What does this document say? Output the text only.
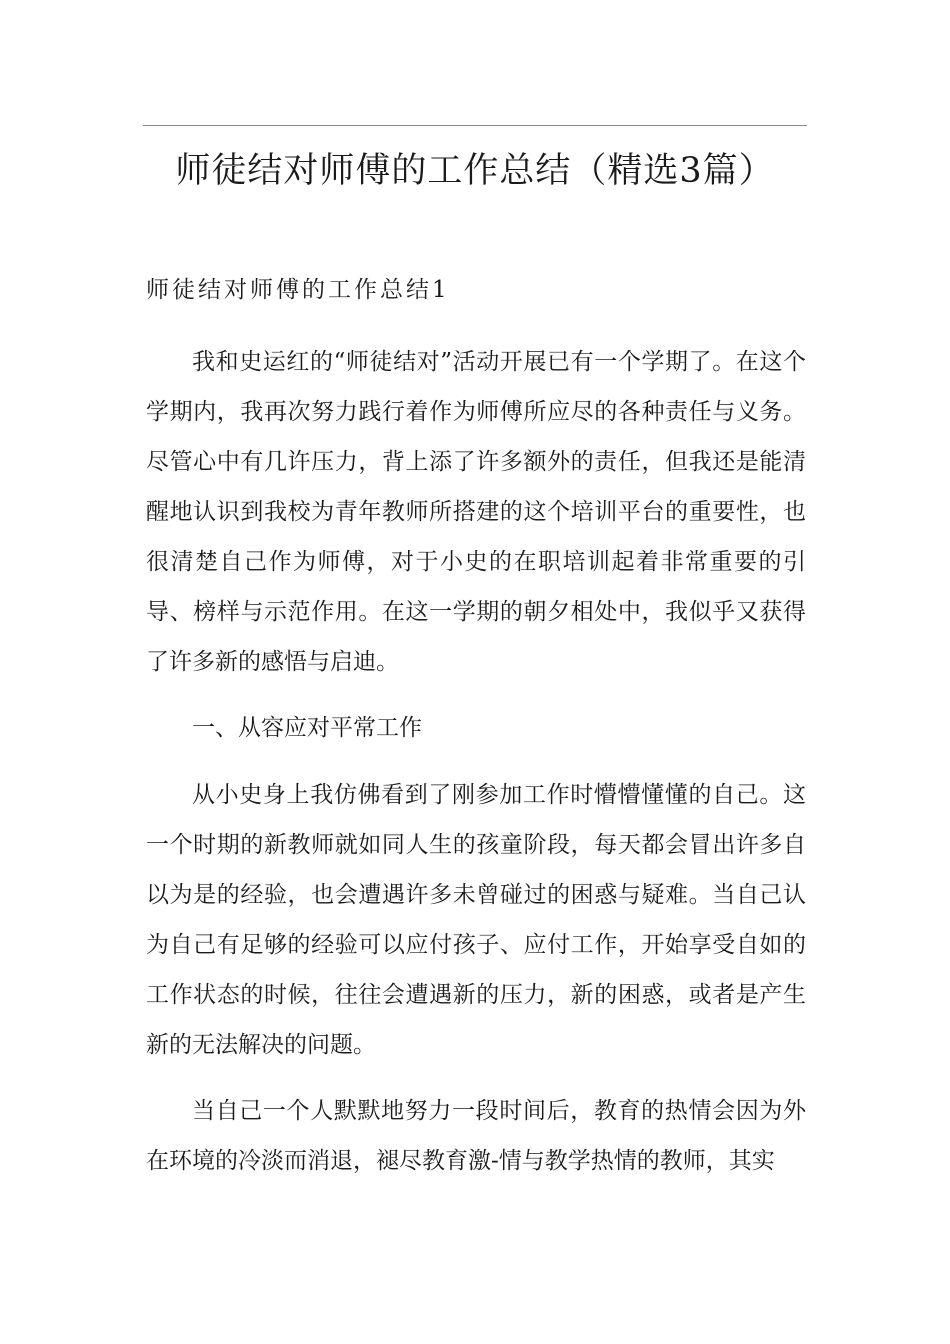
师徒结对师傅的工作总结（精选3篇）
师徒结对师傅的工作总结1

我和史运红的“师徒结对”活动开展已有一个学期了。在这个学期内，我再次努力践行着作为师傅所应尽的各种责任与义务。尽管心中有几许压力，背上添了许多额外的责任，但我还是能清醒地认识到我校为青年教师所搭建的这个培训平台的重要性，也很清楚自己作为师傅，对于小史的在职培训起着非常重要的引导、榜样与示范作用。在这一学期的朝夕相处中，我似乎又获得了许多新的感悟与启迪。

一、从容应对平常工作

从小史身上我仿佛看到了刚参加工作时懵懵懂懂的自己。这一个时期的新教师就如同人生的孩童阶段，每天都会冒出许多自以为是的经验，也会遭遇许多未曾碰过的困惑与疑难。当自己认为自己有足够的经验可以应付孩子、应付工作，开始享受自如的工作状态的时候，往往会遭遇新的压力，新的困惑，或者是产生新的无法解决的问题。

当自己一个人默默地努力一段时间后，教育的热情会因为外在环境的冷淡而消退，褪尽教育激-情与教学热情的教师，其实
